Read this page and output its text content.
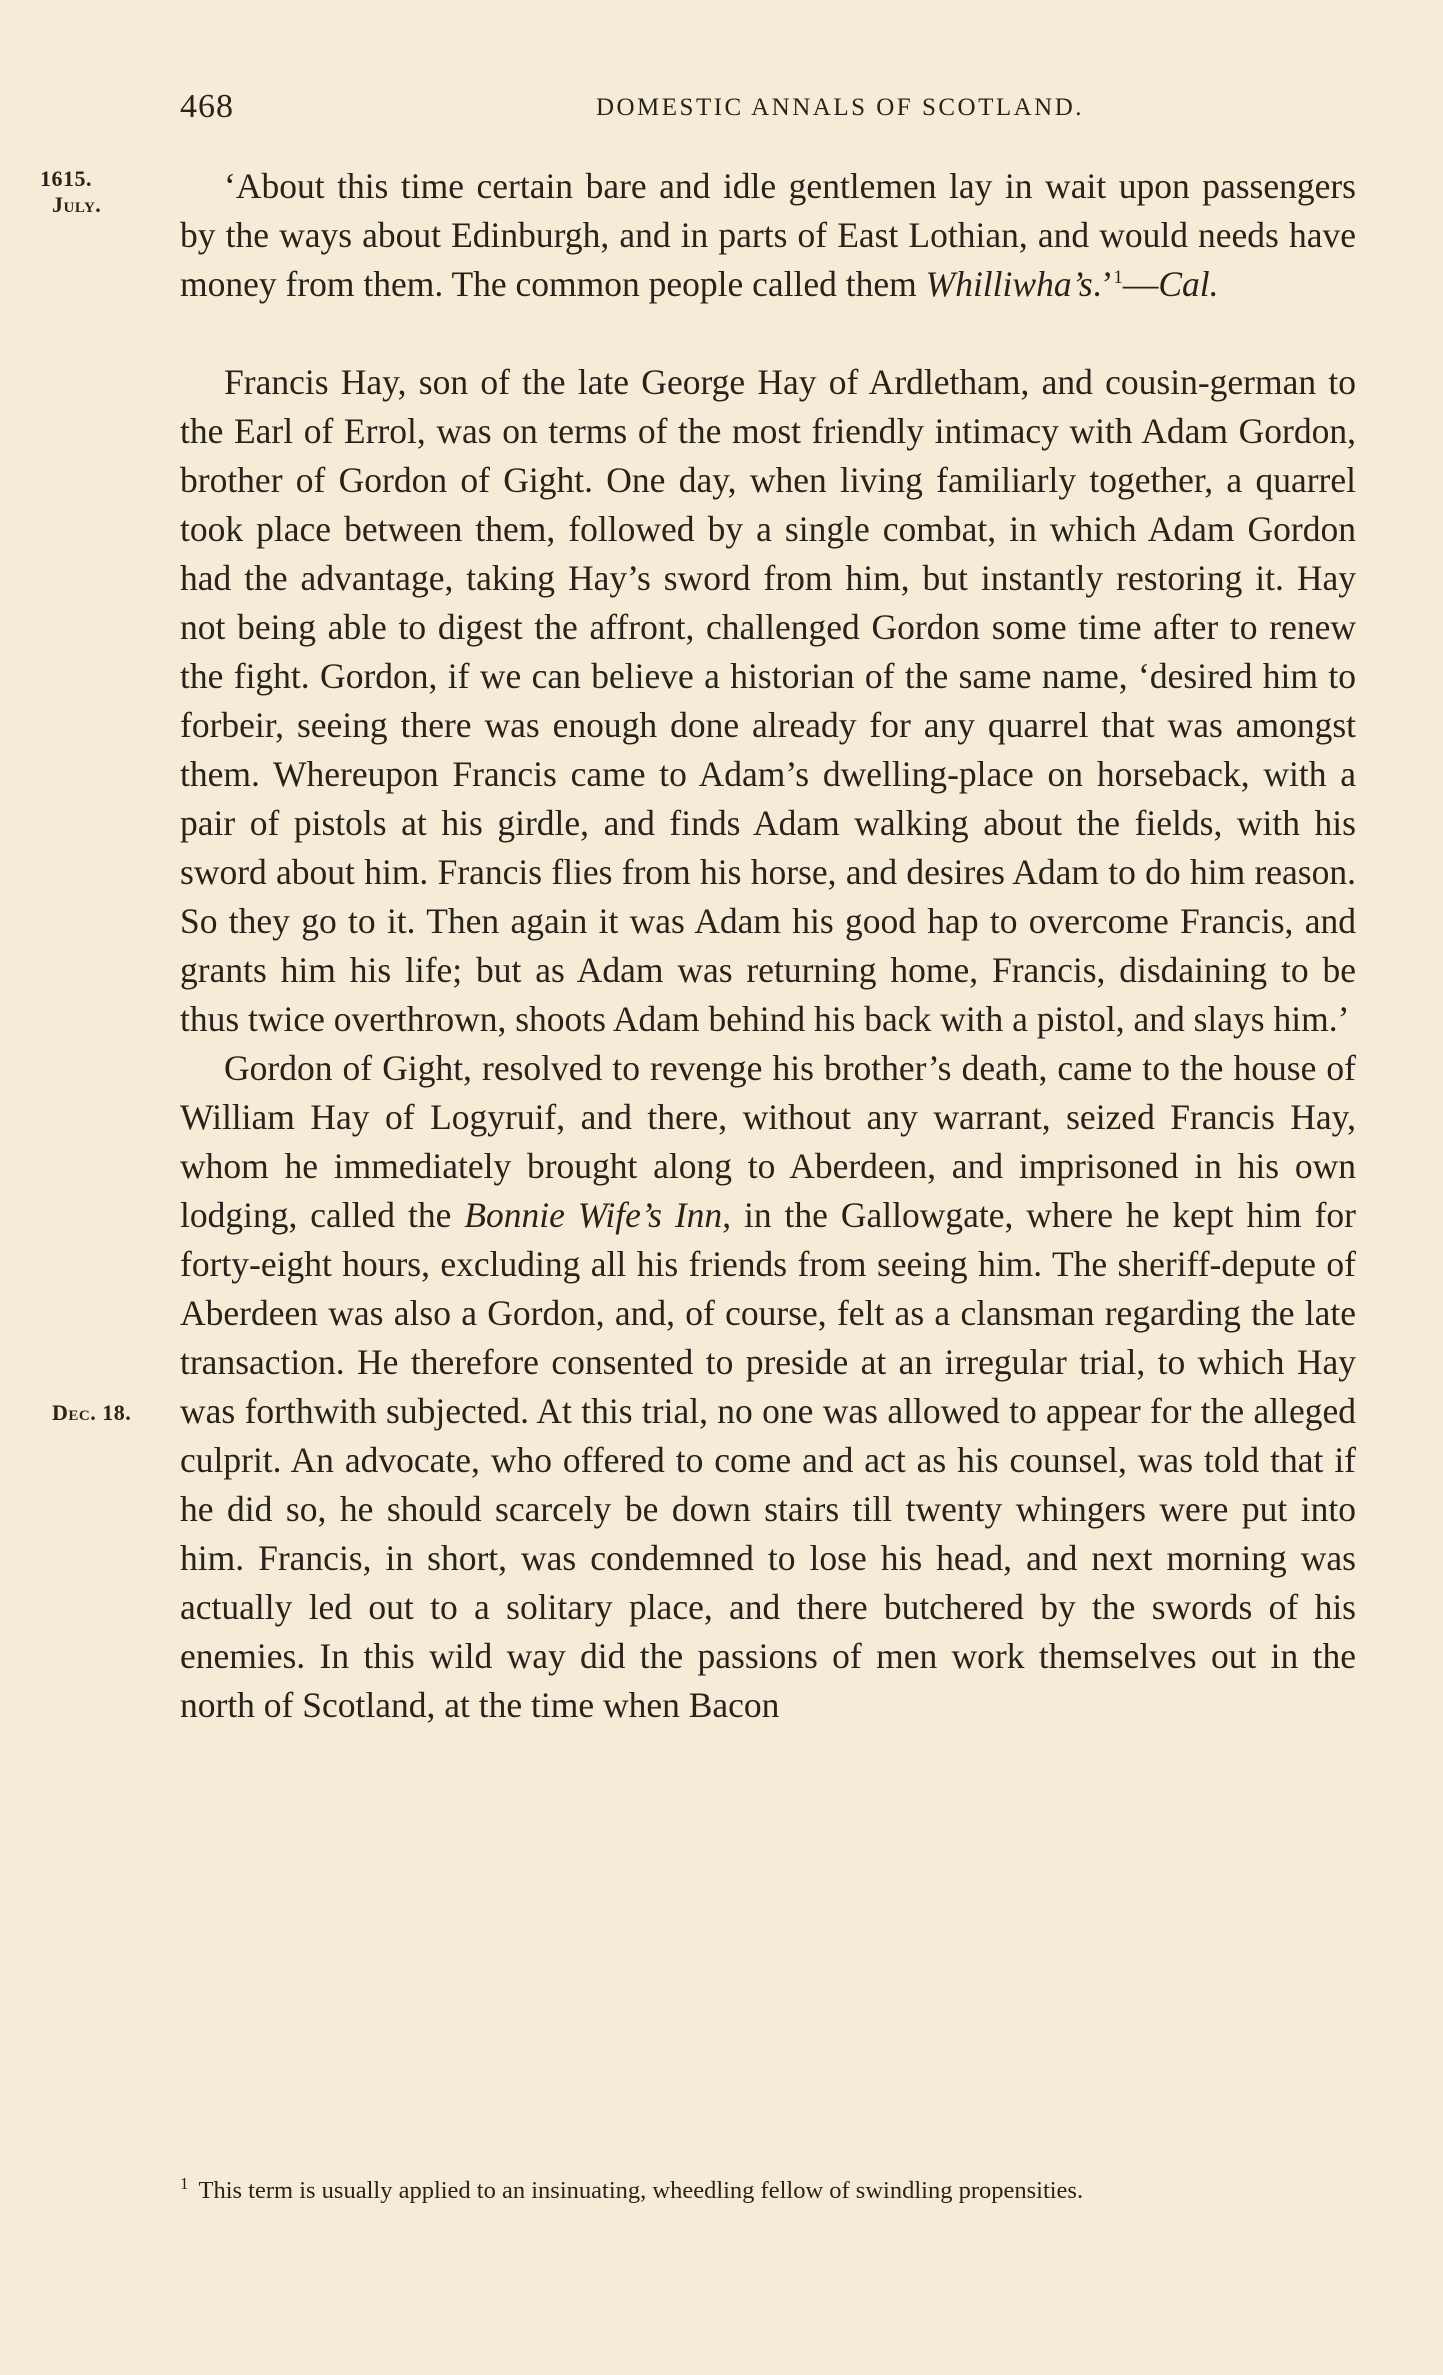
468	DOMESTIC ANNALS OF SCOTLAND.
1615.
July.
Dec. 18.

‘About this time certain bare and idle gentlemen lay in wait upon passengers by the ways about Edinburgh, and in parts of East Lothian, and would needs have money from them. The common people called them Whilliwha’s.’$^1$—Cal.

Francis Hay, son of the late George Hay of Ardletham, and cousin-german to the Earl of Errol, was on terms of the most friendly intimacy with Adam Gordon, brother of Gordon of Gight. One day, when living familiarly together, a quarrel took place between them, followed by a single combat, in which Adam Gordon had the advantage, taking Hay’s sword from him, but instantly restoring it. Hay not being able to digest the affront, challenged Gordon some time after to renew the fight. Gordon, if we can believe a historian of the same name, ‘desired him to forbeir, seeing there was enough done already for any quarrel that was amongst them. Whereupon Francis came to Adam’s dwelling-place on horseback, with a pair of pistols at his girdle, and finds Adam walking about the fields, with his sword about him. Francis flies from his horse, and desires Adam to do him reason. So they go to it. Then again it was Adam his good hap to overcome Francis, and grants him his life; but as Adam was returning home, Francis, disdaining to be thus twice overthrown, shoots Adam behind his back with a pistol, and slays him.’

Gordon of Gight, resolved to revenge his brother’s death, came to the house of William Hay of Logyruif, and there, without any warrant, seized Francis Hay, whom he immediately brought along to Aberdeen, and imprisoned in his own lodging, called the Bonnie Wife’s Inn, in the Gallowgate, where he kept him for forty-eight hours, excluding all his friends from seeing him. The sheriff-depute of Aberdeen was also a Gordon, and, of course, felt as a clansman regarding the late transaction. He therefore consented to preside at an irregular trial, to which Hay was forthwith subjected. At this trial, no one was allowed to appear for the alleged culprit. An advocate, who offered to come and act as his counsel, was told that if he did so, he should scarcely be down stairs till twenty whingers were put into him. Francis, in short, was condemned to lose his head, and next morning was actually led out to a solitary place, and there butchered by the swords of his enemies. In this wild way did the passions of men work themselves out in the north of Scotland, at the time when Bacon

$^1$ This term is usually applied to an insinuating, wheedling fellow of swindling propensities.
